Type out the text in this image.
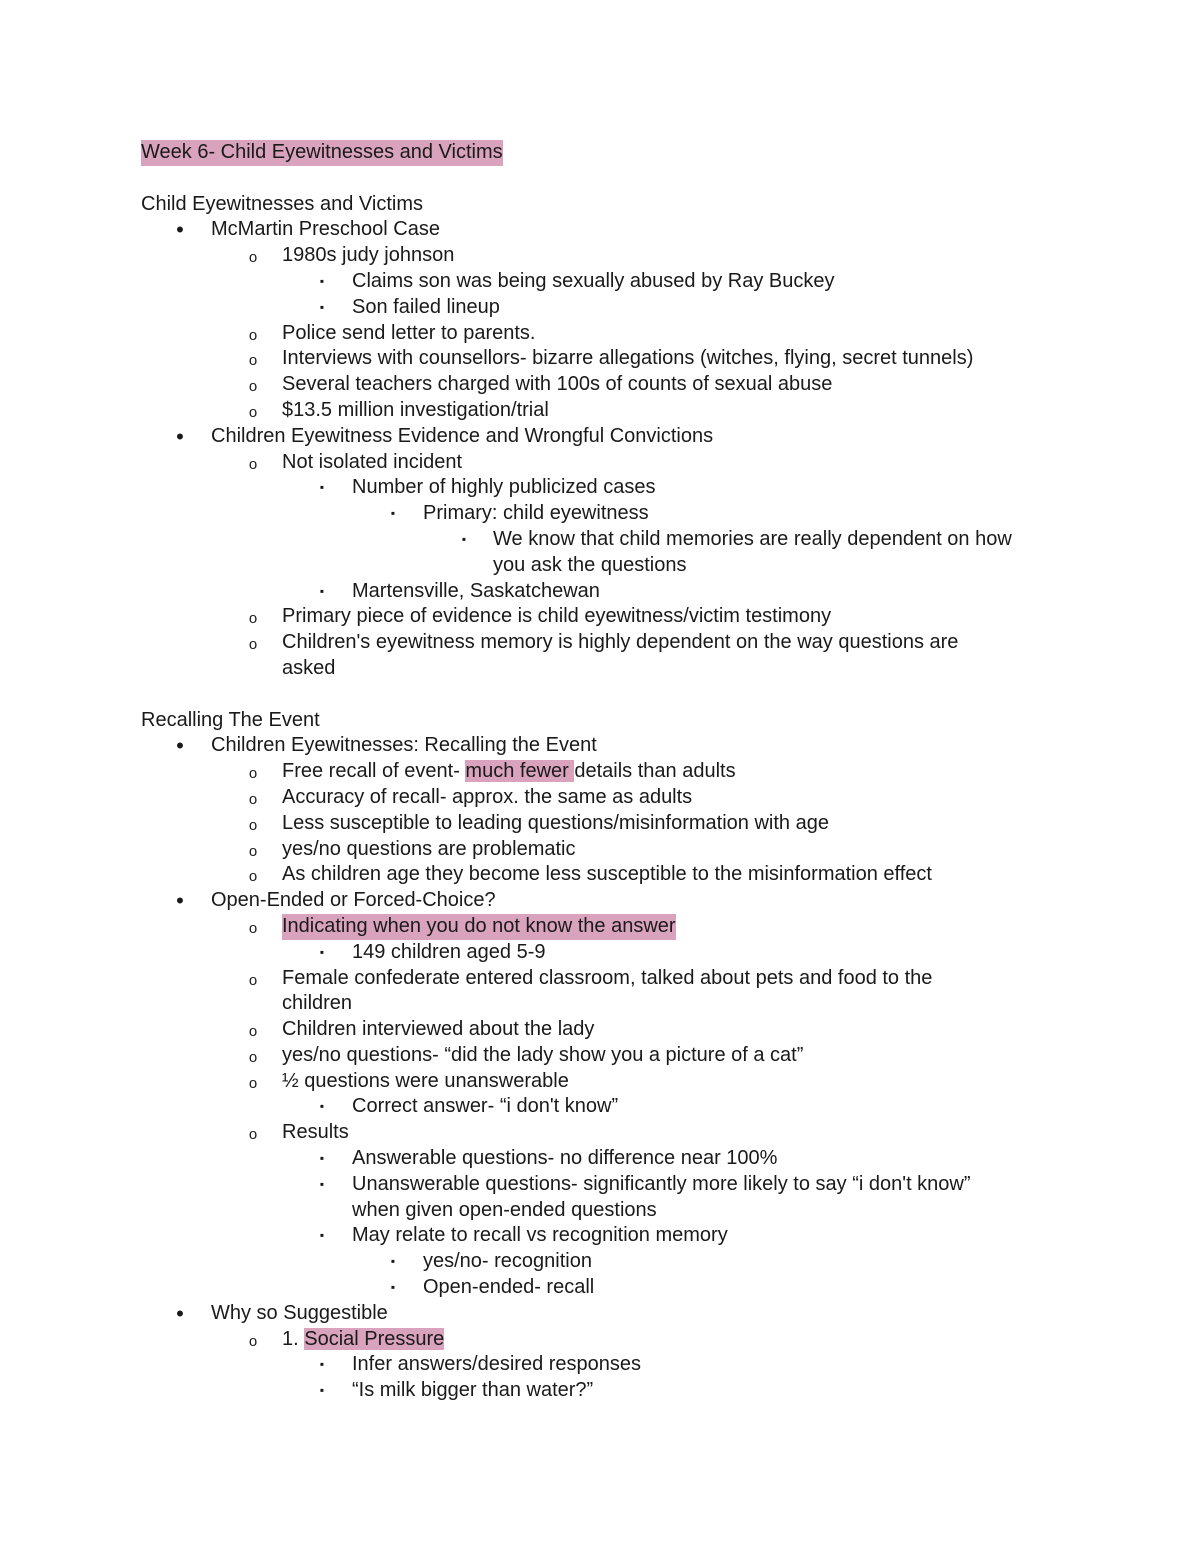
Week 6- Child Eyewitnesses and Victims
Child Eyewitnesses and Victims
•	McMartin Preschool Case
o 1980s judy johnson
▪	Claims son was being sexually abused by Ray Buckey
▪	Son failed lineup
o Police send letter to parents.
o Interviews with counsellors- bizarre allegations (witches, flying, secret tunnels)
o Several teachers charged with 100s of counts of sexual abuse
o $13.5 million investigation/trial
•	Children Eyewitness Evidence and Wrongful Convictions
o Not isolated incident
▪	Number of highly publicized cases
▪	Primary: child eyewitness
▪	We know that child memories are really dependent on how
you ask the questions
▪	Martensville, Saskatchewan
o Primary piece of evidence is child eyewitness/victim testimony
o Children's eyewitness memory is highly dependent on the way questions are
asked
Recalling The Event
•	Children Eyewitnesses: Recalling the Event
o Free recall of event- much fewer details than adults
o Accuracy of recall- approx. the same as adults
o Less susceptible to leading questions/misinformation with age
o yes/no questions are problematic
o As children age they become less susceptible to the misinformation effect
•	Open-Ended or Forced-Choice?
o Indicating when you do not know the answer
▪	149 children aged 5-9
o Female confederate entered classroom, talked about pets and food to the
children
o Children interviewed about the lady
o yes/no questions- “did the lady show you a picture of a cat”
o ½ questions were unanswerable
▪	Correct answer- “i don't know”
o Results
▪	Answerable questions- no difference near 100%
▪	Unanswerable questions- significantly more likely to say “i don't know”
when given open-ended questions
▪	May relate to recall vs recognition memory
▪	yes/no- recognition
▪	Open-ended- recall
•	Why so Suggestible
o 1. Social Pressure
▪	Infer answers/desired responses
▪	“Is milk bigger than water?”
